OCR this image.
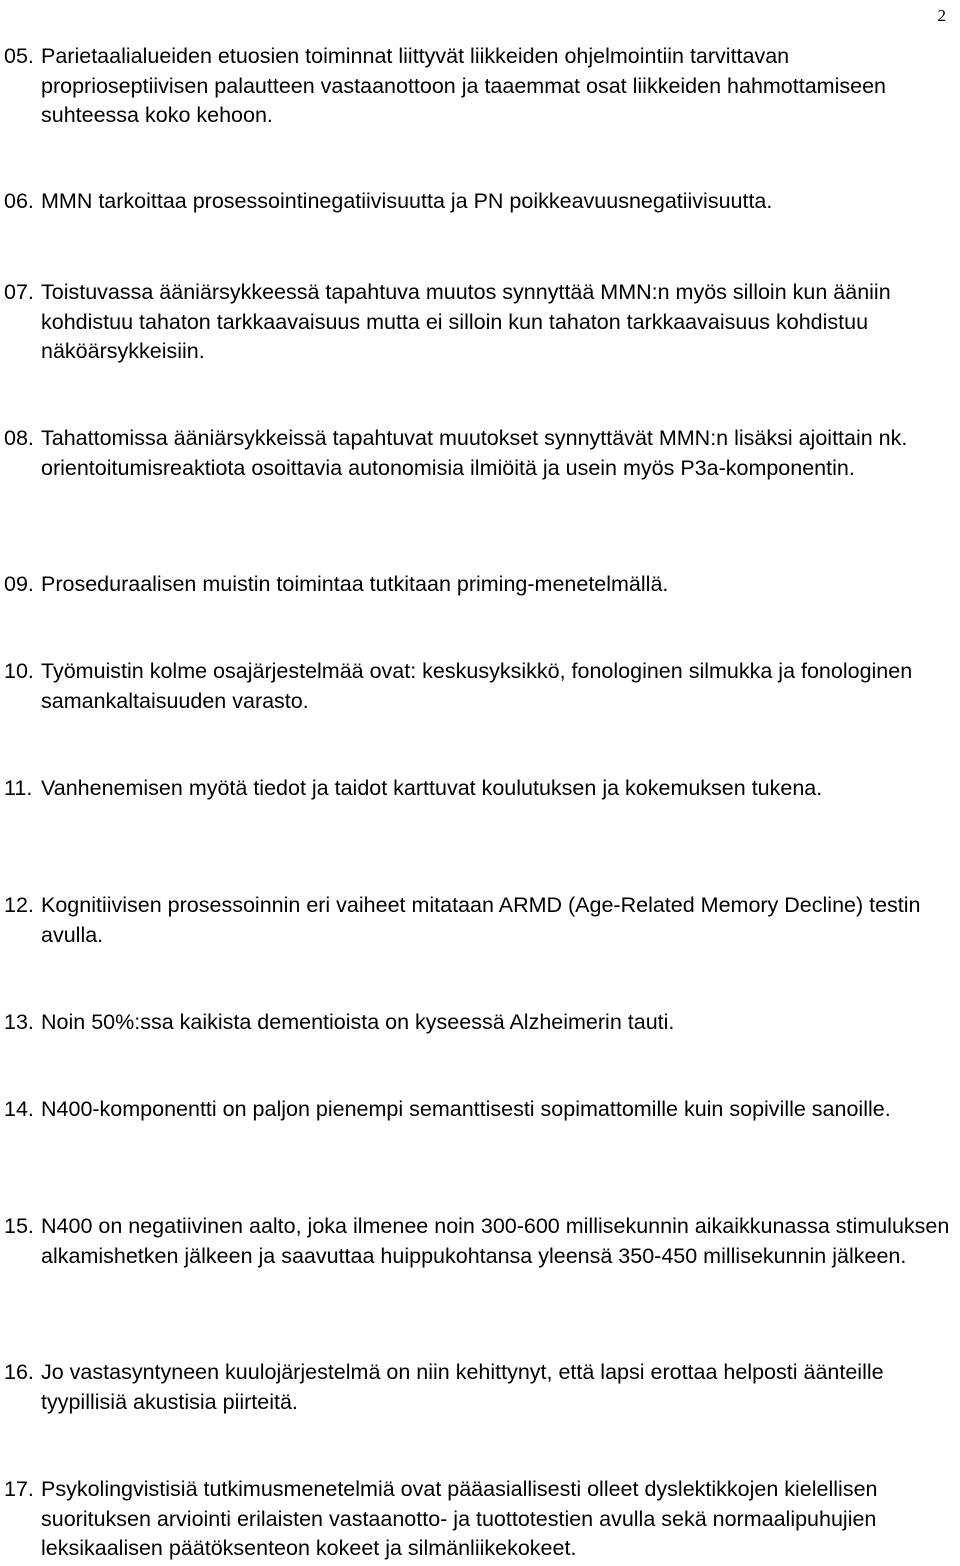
2
05. Parietaalialueiden etuosien toiminnat liittyvät liikkeiden ohjelmointiin tarvittavan proprioseptiivisen palautteen vastaanottoon ja taaemmat osat liikkeiden hahmottamiseen suhteessa koko kehoon.
06. MMN tarkoittaa prosessointinegatiivisuutta ja PN poikkeavuusnegatiivisuutta.
07. Toistuvassa ääniärsykkeessä tapahtuva muutos synnyttää MMN:n myös silloin kun ääniin kohdistuu tahaton tarkkaavaisuus mutta ei silloin kun tahaton tarkkaavaisuus kohdistuu näköärsykkeisiin.
08. Tahattomissa ääniärsykkeissä tapahtuvat muutokset synnyttävät MMN:n lisäksi ajoittain nk. orientoitumisreaktiota osoittavia autonomisia ilmiöitä ja usein myös P3a-komponentin.
09. Proseduraalisen muistin toimintaa tutkitaan priming-menetelmällä.
10. Työmuistin kolme osajärjestelmää ovat: keskusyksikkö, fonologinen silmukka ja fonologinen samankaltaisuuden varasto.
11. Vanhenemisen myötä tiedot ja taidot karttuvat koulutuksen ja kokemuksen tukena.
12. Kognitiivisen prosessoinnin eri vaiheet mitataan ARMD (Age-Related Memory Decline) testin avulla.
13. Noin 50%:ssa kaikista dementioista on kyseessä Alzheimerin tauti.
14. N400-komponentti on paljon pienempi semanttisesti sopimattomille kuin sopiville sanoille.
15. N400 on negatiivinen aalto, joka ilmenee noin 300-600 millisekunnin aikaikkunassa stimuluksen alkamishetken jälkeen ja saavuttaa huippukohtansa yleensä 350-450 millisekunnin jälkeen.
16. Jo vastasyntyneen kuulojärjestelmä on niin kehittynyt, että lapsi erottaa helposti äänteille tyypillisiä akustisia piirteitä.
17. Psykolingvistisiä tutkimusmenetelmiä ovat pääasiallisesti olleet dyslektikkojen kielellisen suorituksen arviointi erilaisten vastaanotto- ja tuottotestien avulla sekä normaalipuhujien leksikaalisen päätöksenteon kokeet ja silmänliikekokeet.
